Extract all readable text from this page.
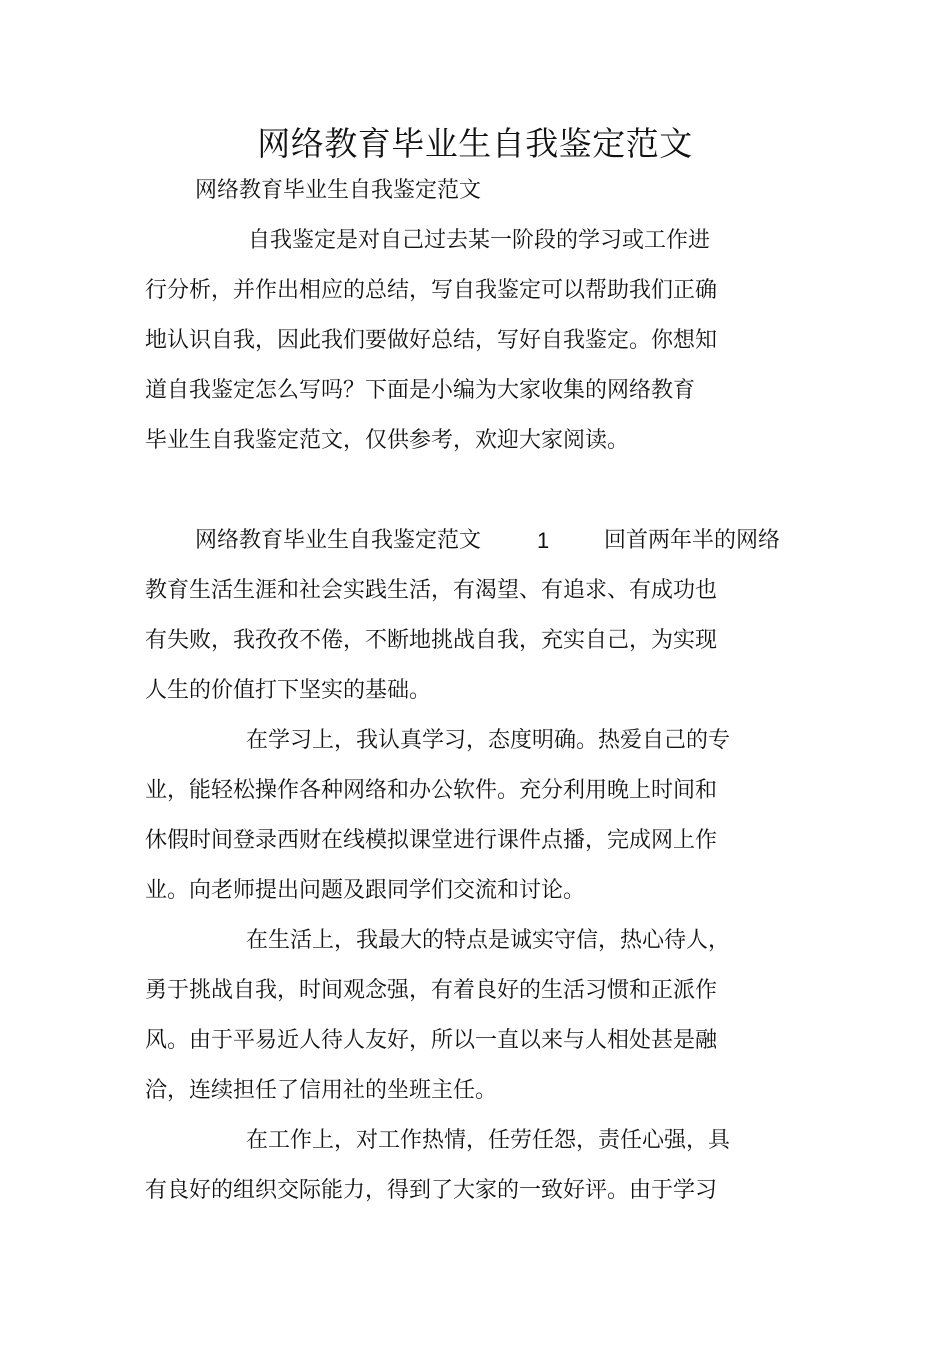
网络教育毕业生自我鉴定范文
网络教育毕业生自我鉴定范文
自我鉴定是对自己过去某一阶段的学习或工作进
行分析，并作出相应的总结，写自我鉴定可以帮助我们正确
地认识自我，因此我们要做好总结，写好自我鉴定。你想知
道自我鉴定怎么写吗？下面是小编为大家收集的网络教育
毕业生自我鉴定范文，仅供参考，欢迎大家阅读。
网络教育毕业生自我鉴定范文	1 回首两年半的网络
教育生活生涯和社会实践生活，有渴望、有追求、有成功也
有失败，我孜孜不倦，不断地挑战自我，充实自己，为实现
人生的价值打下坚实的基础。
在学习上，我认真学习，态度明确。热爱自己的专
业，能轻松操作各种网络和办公软件。充分利用晚上时间和
休假时间登录西财在线模拟课堂进行课件点播，完成网上作
业。向老师提出问题及跟同学们交流和讨论。
在生活上，我最大的特点是诚实守信，热心待人，
勇于挑战自我，时间观念强，有着良好的生活习惯和正派作
风。由于平易近人待人友好，所以一直以来与人相处甚是融
洽，连续担任了信用社的坐班主任。
在工作上，对工作热情，任劳任怨，责任心强，具
有良好的组织交际能力，得到了大家的一致好评。由于学习
